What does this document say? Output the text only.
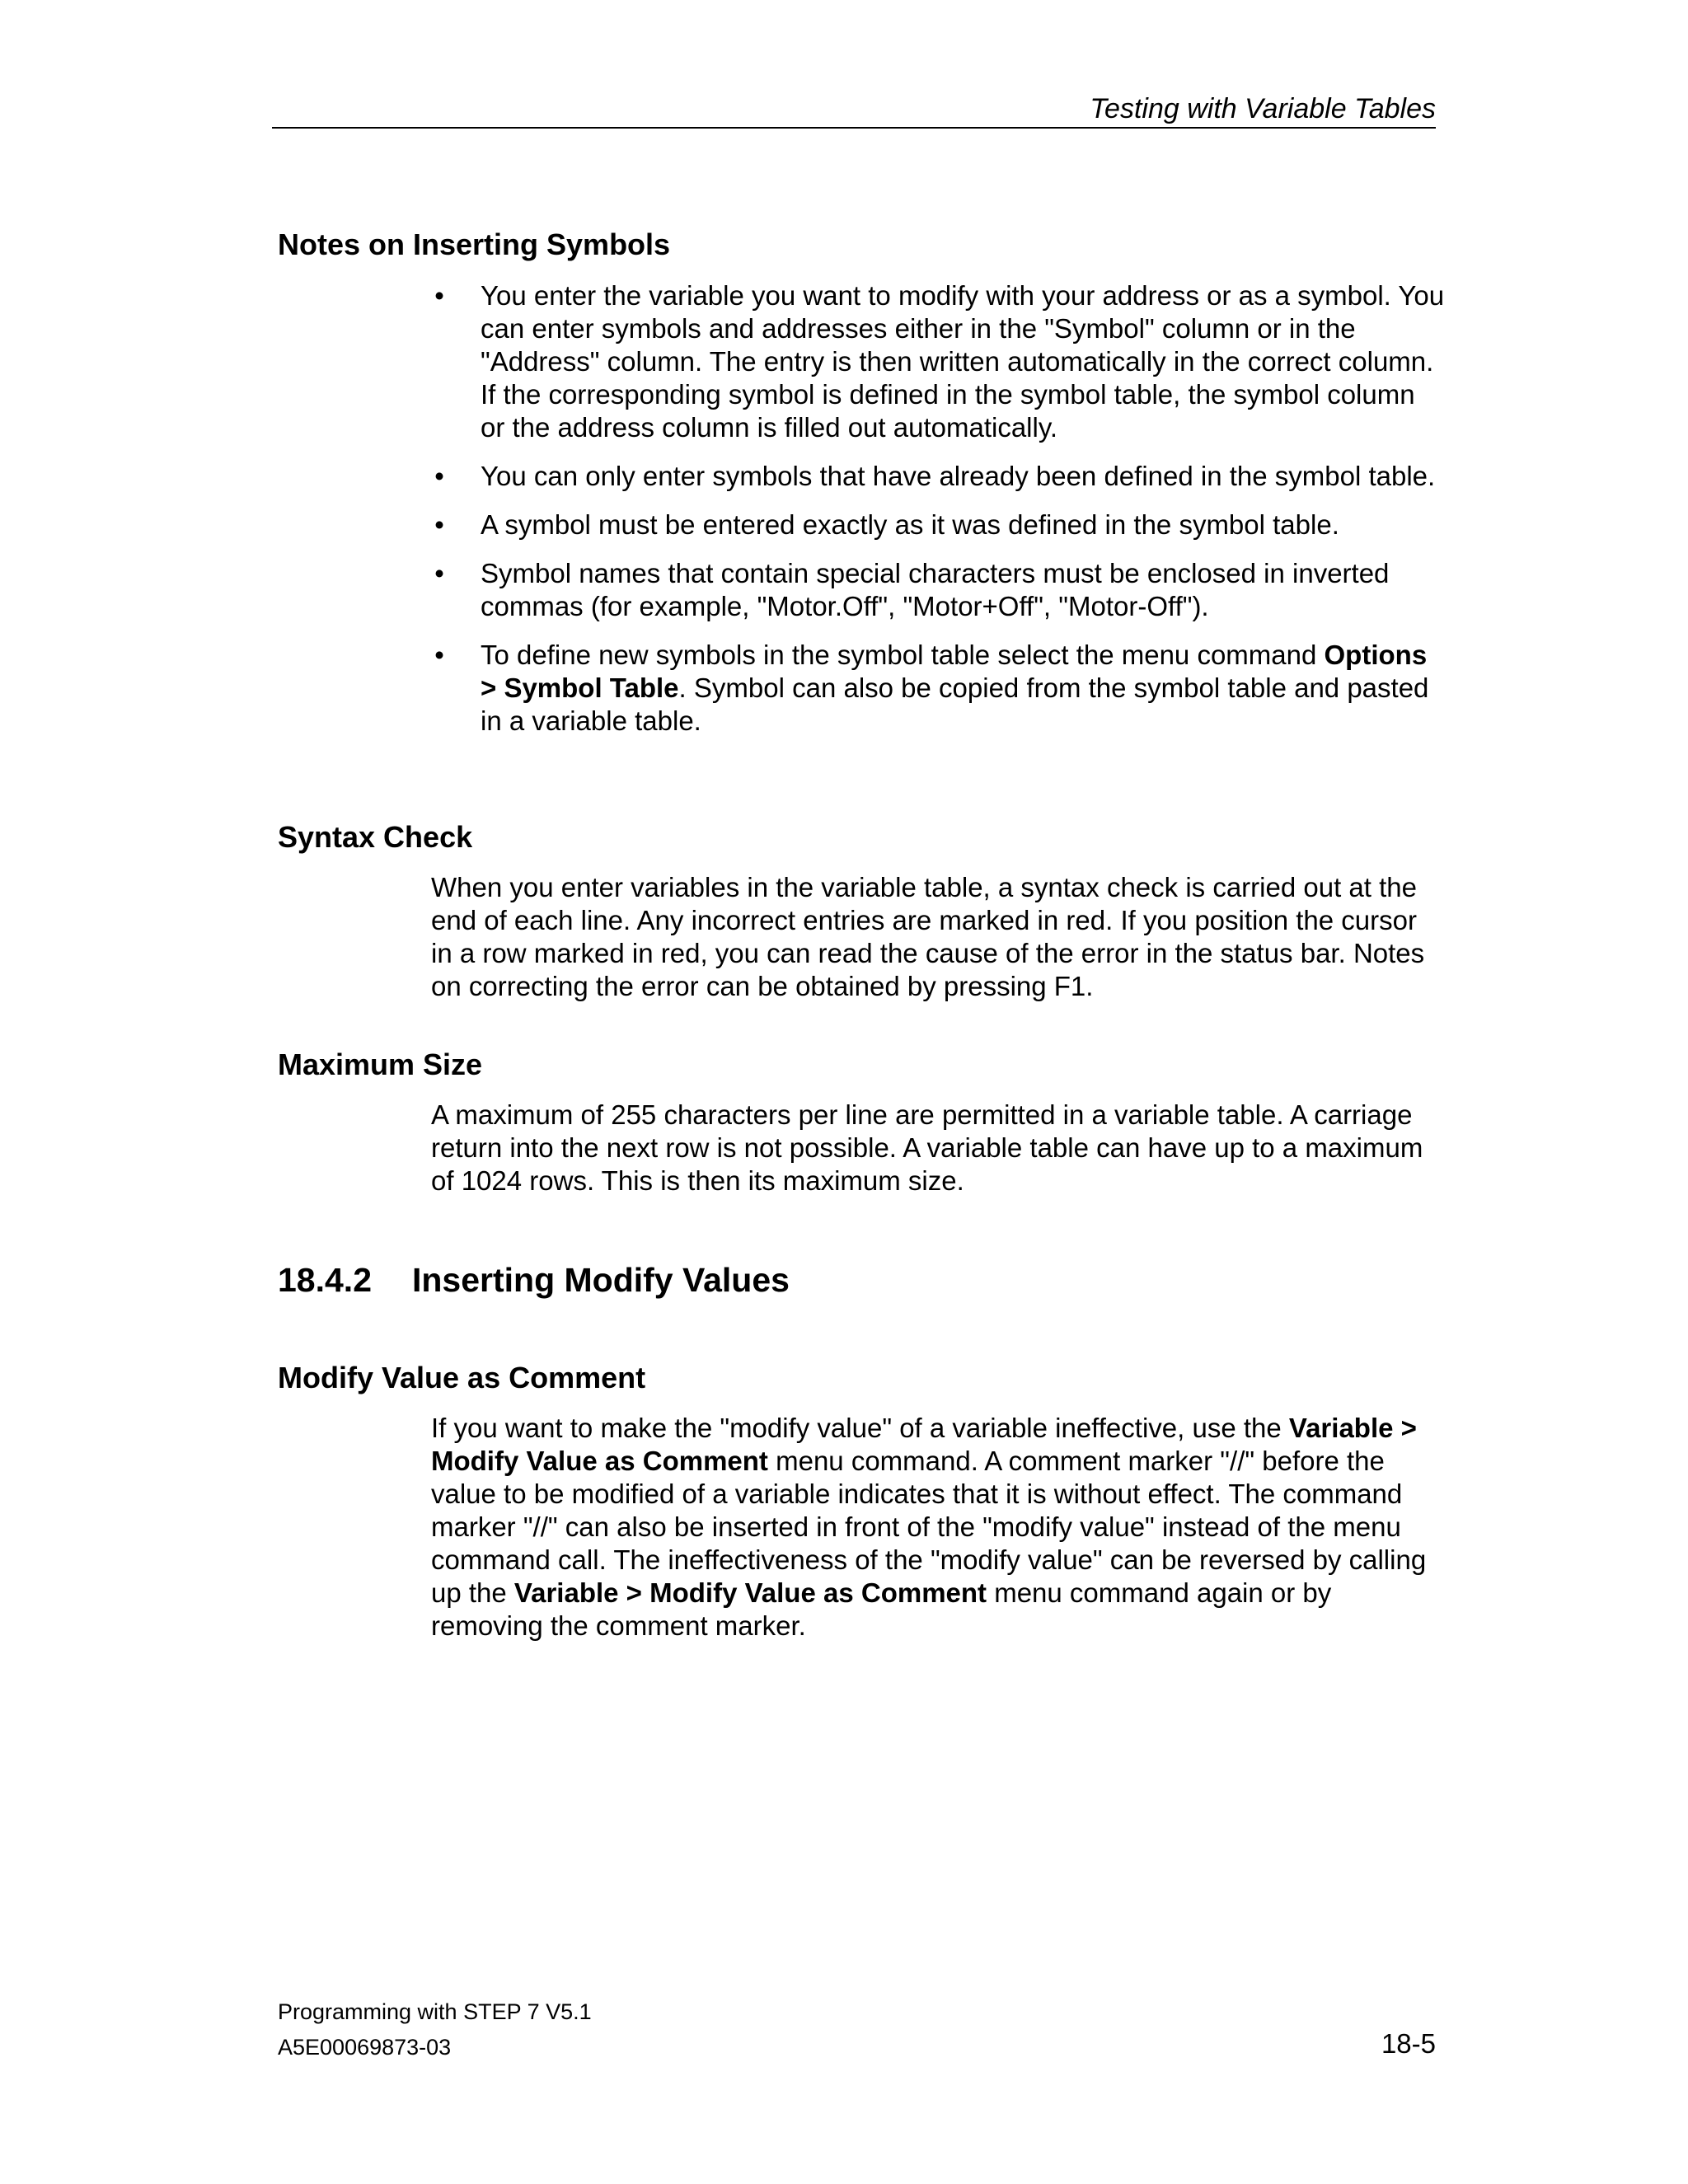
Testing with Variable Tables
Notes on Inserting Symbols
• You enter the variable you want to modify with your address or as a symbol. You can enter symbols and addresses either in the "Symbol" column or in the "Address" column. The entry is then written automatically in the correct column. If the corresponding symbol is defined in the symbol table, the symbol column or the address column is filled out automatically.
• You can only enter symbols that have already been defined in the symbol table.
• A symbol must be entered exactly as it was defined in the symbol table.
• Symbol names that contain special characters must be enclosed in inverted commas (for example, "Motor.Off", "Motor+Off", "Motor-Off").
• To define new symbols in the symbol table select the menu command Options > Symbol Table. Symbol can also be copied from the symbol table and pasted in a variable table.
Syntax Check

When you enter variables in the variable table, a syntax check is carried out at the end of each line. Any incorrect entries are marked in red. If you position the cursor in a row marked in red, you can read the cause of the error in the status bar. Notes on correcting the error can be obtained by pressing F1.

Maximum Size

A maximum of 255 characters per line are permitted in a variable table. A carriage return into the next row is not possible. A variable table can have up to a maximum of 1024 rows. This is then its maximum size.

18.4.2 Inserting Modify Values
Modify Value as Comment

If you want to make the "modify value" of a variable ineffective, use the Variable > Modify Value as Comment menu command. A comment marker "//" before the value to be modified of a variable indicates that it is without effect. The command marker "//" can also be inserted in front of the "modify value" instead of the menu command call. The ineffectiveness of the "modify value" can be reversed by calling up the Variable > Modify Value as Comment menu command again or by removing the comment marker.

Programming with STEP 7 V5.1
A5E00069873-03	18-5
